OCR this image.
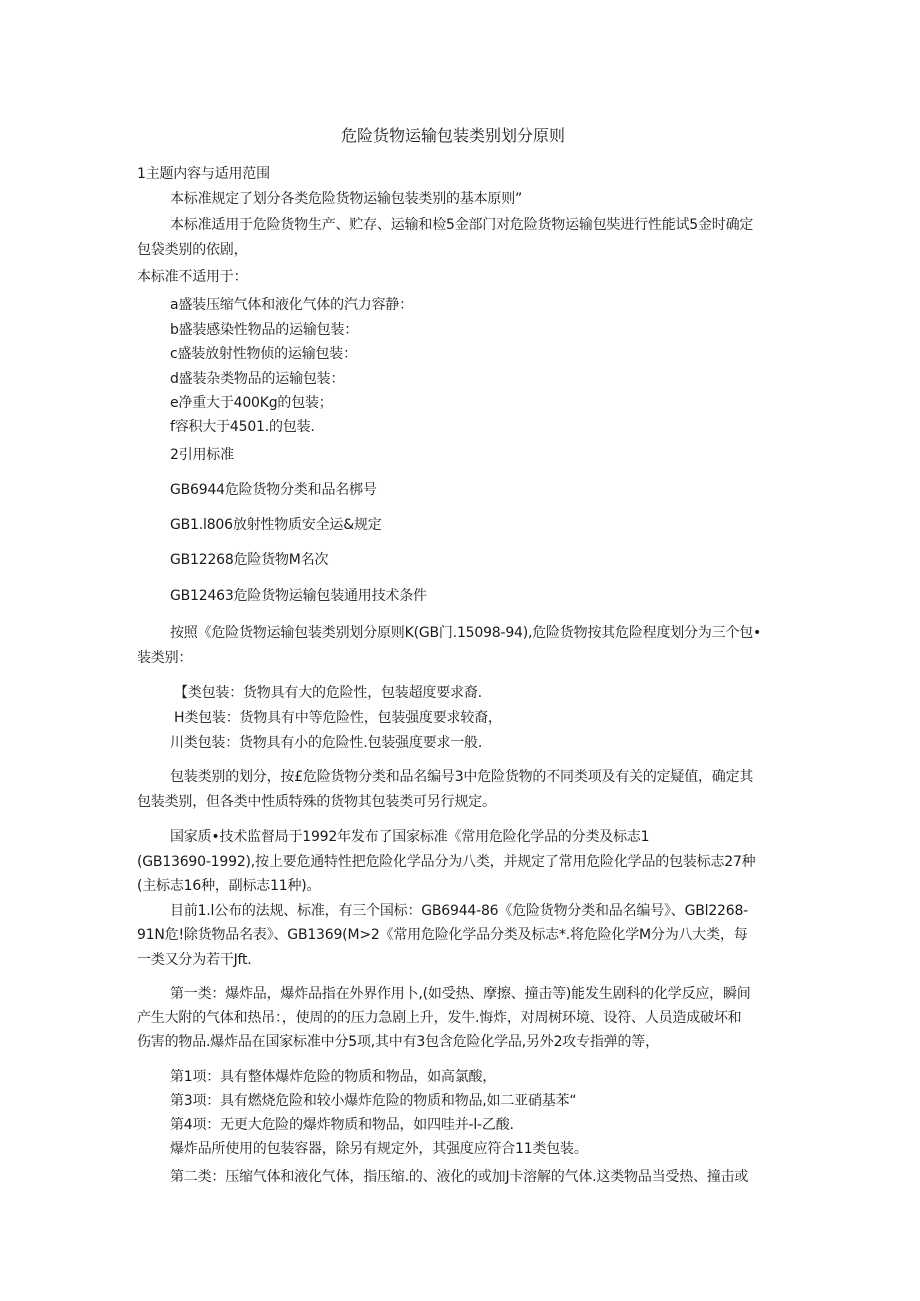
危险货物运输包装类别划分原则
1主题内容与适用范围
本标准规定了划分各类危险货物运输包装类别的基本原则”
本标准适用于危险货物生产、贮存、运输和检5金部门对危险货物运输包奘进行性能试5金时确定
包袋类别的依剧，
本标准不适用于：
a盛装压缩气体和液化气体的汽力容静：
b盛装感染性物品的运输包装：
c盛装放射性物侦的运输包装：
d盛装杂类物品的运输包装：
e净重大于400Kg的包装；
f容积大于4501.的包装.
2引用标准
GB6944危险货物分类和品名梆号
GB1.l806放射性物质安全运&规定
GB12268危险货物M名次
GB12463危险货物运输包装通用技术条件
按照《危险货物运输包装类别划分原则K(GB门.15098-94),危险货物按其危险程度划分为三个包•
装类别：
【类包装：货物具有大的危险性，包装超度要求裔.
H类包装：货物具有中等危险性，包装强度要求较裔，
川类包装：货物具有小的危险性.包装强度要求一般.
包装类别的划分，按£危险货物分类和品名编号3中危险货物的不同类项及有关的定疑值，确定其
包装类别，但各类中性质特殊的货物其包装类可另行规定。
国家质•技术监督局于1992年发布了国家标准《常用危险化学品的分类及标志1
(GB13690-1992),按上要危通特性把危险化学品分为八类，并规定了常用危险化学品的包装标志27种
(主标志16种，副标志11种)。
目前1.l公布的法规、标准，有三个国标：GB6944-86《危险货物分类和品名编号》、GBl2268-
91N危!除货物品名表》、GB1369(M>2《常用危险化学品分类及标志*.将危险化学M分为八大类，每
一类又分为若干Jft.
第一类：爆炸品，爆炸品指在外界作用卜,(如受热、摩擦、撞击等)能发生剧科的化学反应，瞬间
产生大附的气体和热吊：，使周的的压力急剧上升，发牛.悔炸，对周树环境、设符、人员造成破坏和
伤害的物品.爆炸品在国家标准中分5项,其中有3包含危险化学品,另外2攻专指弹的等，
第1项：具有整体爆炸危险的物质和物品，如高氯酸，
第3项：具有燃烧危险和较小爆炸危险的物质和物品,如二亚硝基苯“
第4项：无更大危险的爆炸物质和物品，如四哇并-l-乙酸.
爆炸品所使用的包装容器，除另有规定外，其强度应符合11类包装。
第二类：压缩气体和液化气体，指压缩.的、液化的或加J卡溶解的气体.这类物品当受热、撞击或
